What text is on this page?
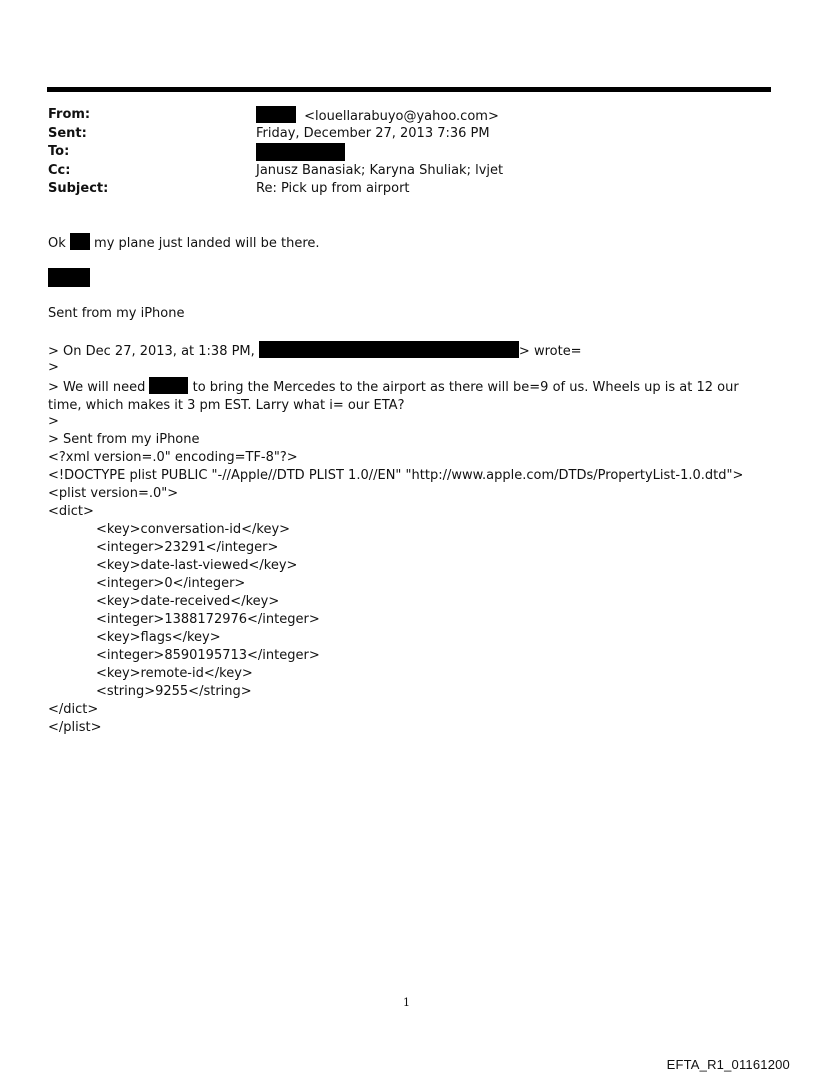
From:	<louellarabuyo@yahoo.com>
Sent:	Friday, December 27, 2013 7:36 PM
To:
Cc:	Janusz Banasiak; Karyna Shuliak; lvjet
Subject:	Re: Pick up from airport
Ok my plane just landed will be there.
Sent from my iPhone
> On Dec 27, 2013, at 1:38 PM,	> wrote=
>
> We will need	to bring the Mercedes to the airport as there will be=9 of us. Wheels up is at 12 our time, which makes it 3 pm EST. Larry what i= our ETA?
>
> Sent from my iPhone
<?xml version=.0" encoding=TF-8"?>
<!DOCTYPE plist PUBLIC "-//Apple//DTD PLIST 1.0//EN" "http://www.apple.com/DTDs/PropertyList-1.0.dtd">
<plist version=.0">
<dict>
<key>conversation-id</key>
<integer>23291</integer>
<key>date-last-viewed</key>
<integer>0</integer>
<key>date-received</key>
<integer>1388172976</integer>
<key>flags</key>
<integer>8590195713</integer>
<key>remote-id</key>
<string>9255</string>
</dict>
</plist>
1
EFTA_R1_01161200
